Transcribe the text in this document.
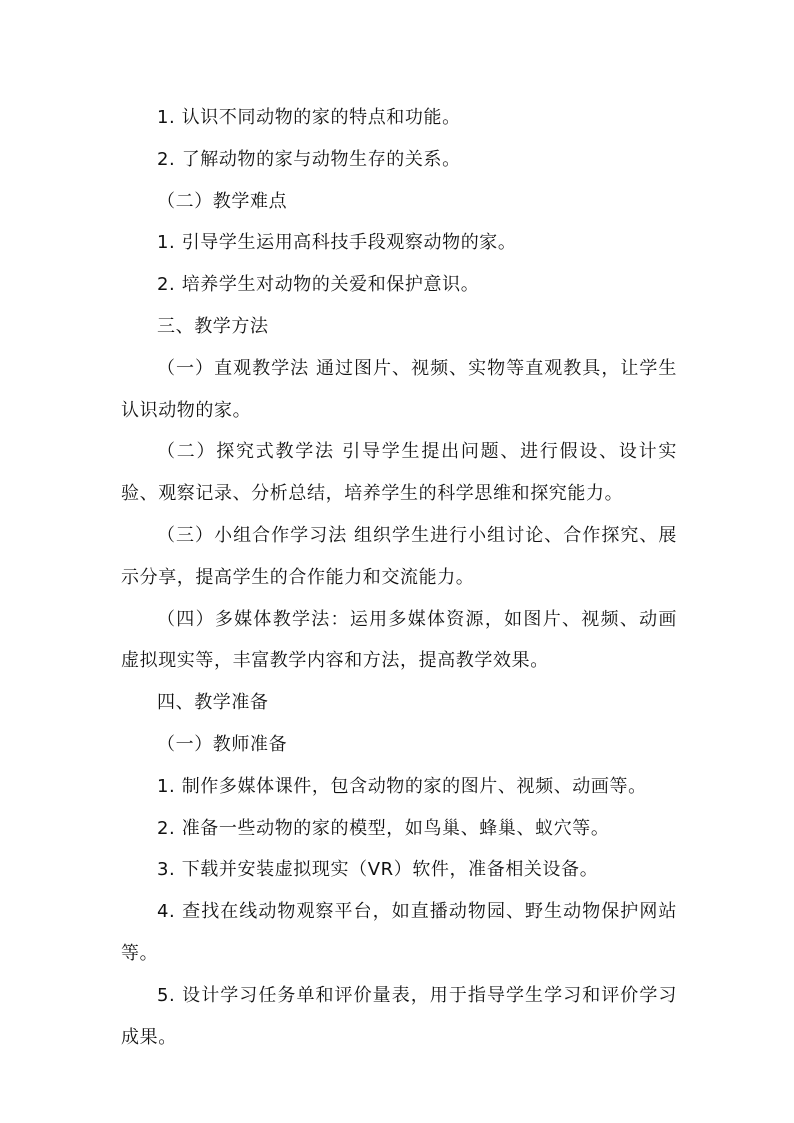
1. 认识不同动物的家的特点和功能。

2. 了解动物的家与动物生存的关系。

（二）教学难点

1. 引导学生运用高科技手段观察动物的家。

2. 培养学生对动物的关爱和保护意识。

三、教学方法

（一）直观教学法 通过图片、视频、实物等直观教具，让学生认识动物的家。

（二）探究式教学法 引导学生提出问题、进行假设、设计实验、观察记录、分析总结，培养学生的科学思维和探究能力。

（三）小组合作学习法 组织学生进行小组讨论、合作探究、展示分享，提高学生的合作能力和交流能力。

（四）多媒体教学法：运用多媒体资源，如图片、视频、动画虚拟现实等，丰富教学内容和方法，提高教学效果。

四、教学准备

（一）教师准备

1. 制作多媒体课件，包含动物的家的图片、视频、动画等。

2. 准备一些动物的家的模型，如鸟巢、蜂巢、蚁穴等。

3. 下载并安装虚拟现实（VR）软件，准备相关设备。

4. 查找在线动物观察平台，如直播动物园、野生动物保护网站等。

5. 设计学习任务单和评价量表，用于指导学生学习和评价学习成果。
